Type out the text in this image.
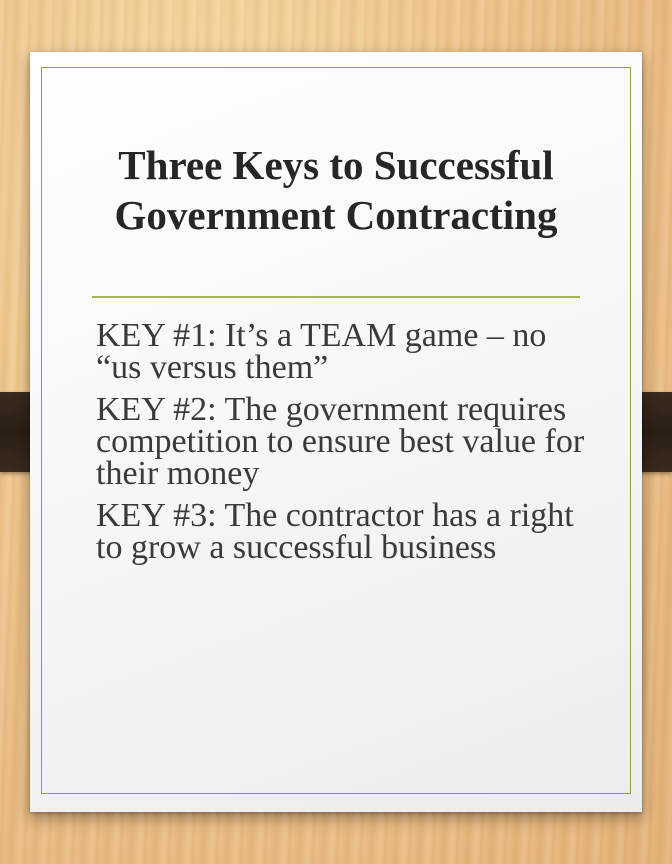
Three Keys to Successful
Government Contracting
KEY #1: It’s a TEAM game – no “us versus them”
KEY #2: The government requires competition to ensure best value for their money
KEY #3: The contractor has a right to grow a successful business
